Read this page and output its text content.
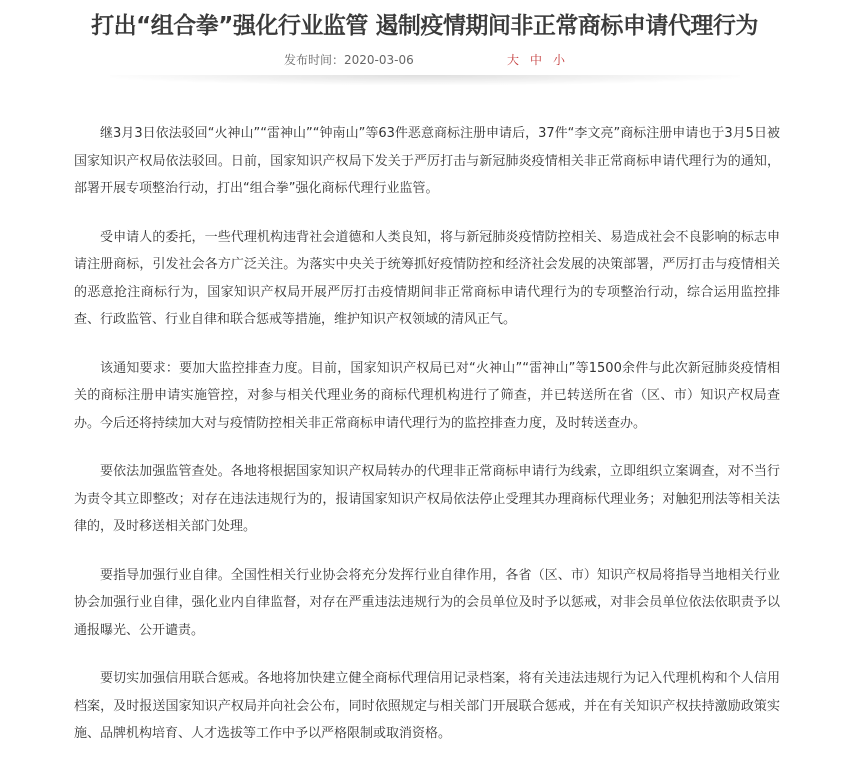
打出“组合拳”强化行业监管 遏制疫情期间非正常商标申请代理行为
发布时间：2020-03-06	大 中 小

继3月3日依法驳回“火神山”“雷神山”“钟南山”等63件恶意商标注册申请后，37件“李文亮”商标注册申请也于3月5日被国家知识产权局依法驳回。日前，国家知识产权局下发关于严厉打击与新冠肺炎疫情相关非正常商标申请代理行为的通知，部署开展专项整治行动，打出“组合拳”强化商标代理行业监管。

受申请人的委托，一些代理机构违背社会道德和人类良知，将与新冠肺炎疫情防控相关、易造成社会不良影响的标志申请注册商标，引发社会各方广泛关注。为落实中央关于统筹抓好疫情防控和经济社会发展的决策部署，严厉打击与疫情相关的恶意抢注商标行为，国家知识产权局开展严厉打击疫情期间非正常商标申请代理行为的专项整治行动，综合运用监控排查、行政监管、行业自律和联合惩戒等措施，维护知识产权领域的清风正气。

该通知要求：要加大监控排查力度。目前，国家知识产权局已对“火神山”“雷神山”等1500余件与此次新冠肺炎疫情相关的商标注册申请实施管控，对参与相关代理业务的商标代理机构进行了筛查，并已转送所在省（区、市）知识产权局查办。今后还将持续加大对与疫情防控相关非正常商标申请代理行为的监控排查力度，及时转送查办。

要依法加强监管查处。各地将根据国家知识产权局转办的代理非正常商标申请行为线索，立即组织立案调查，对不当行为责令其立即整改；对存在违法违规行为的，报请国家知识产权局依法停止受理其办理商标代理业务；对触犯刑法等相关法律的，及时移送相关部门处理。

要指导加强行业自律。全国性相关行业协会将充分发挥行业自律作用，各省（区、市）知识产权局将指导当地相关行业协会加强行业自律，强化业内自律监督，对存在严重违法违规行为的会员单位及时予以惩戒，对非会员单位依法依职责予以通报曝光、公开谴责。

要切实加强信用联合惩戒。各地将加快建立健全商标代理信用记录档案，将有关违法违规行为记入代理机构和个人信用档案，及时报送国家知识产权局并向社会公布，同时依照规定与相关部门开展联合惩戒，并在有关知识产权扶持激励政策实施、品牌机构培育、人才选拔等工作中予以严格限制或取消资格。
